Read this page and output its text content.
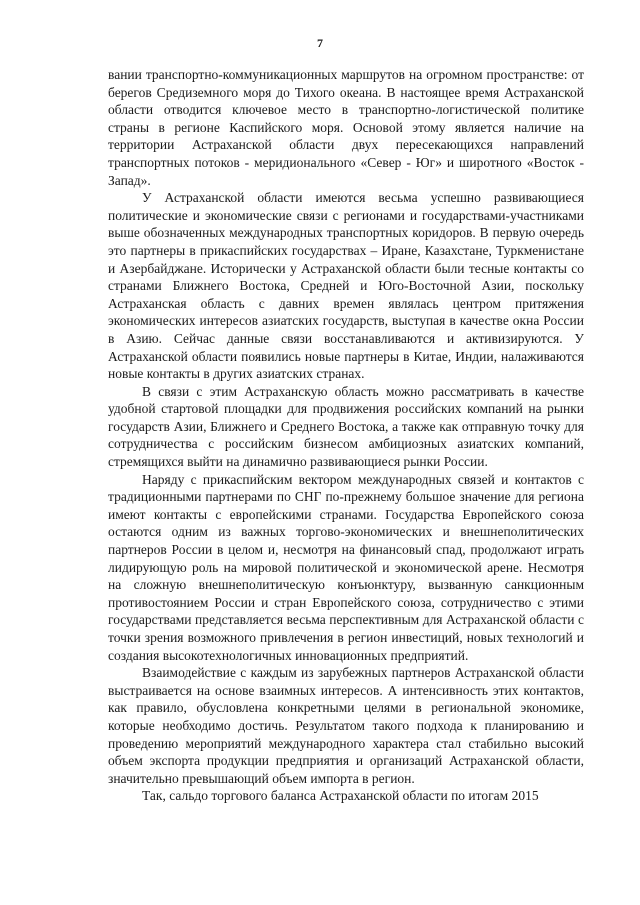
7

вании транспортно-коммуникационных маршрутов на огромном пространстве: от берегов Средиземного моря до Тихого океана. В настоящее время Астраханской области отводится ключевое место в транспортно-логистической политике страны в регионе Каспийского моря. Основой этому является наличие на территории Астраханской области двух пересекающихся направлений транспортных потоков - меридионального «Север - Юг» и широтного «Восток - Запад».

У Астраханской области имеются весьма успешно развивающиеся политические и экономические связи с регионами и государствами-участниками выше обозначенных международных транспортных коридоров. В первую очередь это партнеры в прикаспийских государствах – Иране, Казахстане, Туркменистане и Азербайджане. Исторически у Астраханской области были тесные контакты со странами Ближнего Востока, Средней и Юго-Восточной Азии, поскольку Астраханская область с давних времен являлась центром притяжения экономических интересов азиатских государств, выступая в качестве окна России в Азию. Сейчас данные связи восстанавливаются и активизируются. У Астраханской области появились новые партнеры в Китае, Индии, налаживаются новые контакты в других азиатских странах.

В связи с этим Астраханскую область можно рассматривать в качестве удобной стартовой площадки для продвижения российских компаний на рынки государств Азии, Ближнего и Среднего Востока, а также как отправную точку для сотрудничества с российским бизнесом амбициозных азиатских компаний, стремящихся выйти на динамично развивающиеся рынки России.

Наряду с прикаспийским вектором международных связей и контактов с традиционными партнерами по СНГ по-прежнему большое значение для региона имеют контакты с европейскими странами. Государства Европейского союза остаются одним из важных торгово-экономических и внешнеполитических партнеров России в целом и, несмотря на финансовый спад, продолжают играть лидирующую роль на мировой политической и экономической арене. Несмотря на сложную внешнеполитическую конъюнктуру, вызванную санкционным противостоянием России и стран Европейского союза, сотрудничество с этими государствами представляется весьма перспективным для Астраханской области с точки зрения возможного привлечения в регион инвестиций, новых технологий и создания высокотехнологичных инновационных предприятий.

Взаимодействие с каждым из зарубежных партнеров Астраханской области выстраивается на основе взаимных интересов. А интенсивность этих контактов, как правило, обусловлена конкретными целями в региональной экономике, которые необходимо достичь. Результатом такого подхода к планированию и проведению мероприятий международного характера стал стабильно высокий объем экспорта продукции предприятия и организаций Астраханской области, значительно превышающий объем импорта в регион.

Так, сальдо торгового баланса Астраханской области по итогам 2015
